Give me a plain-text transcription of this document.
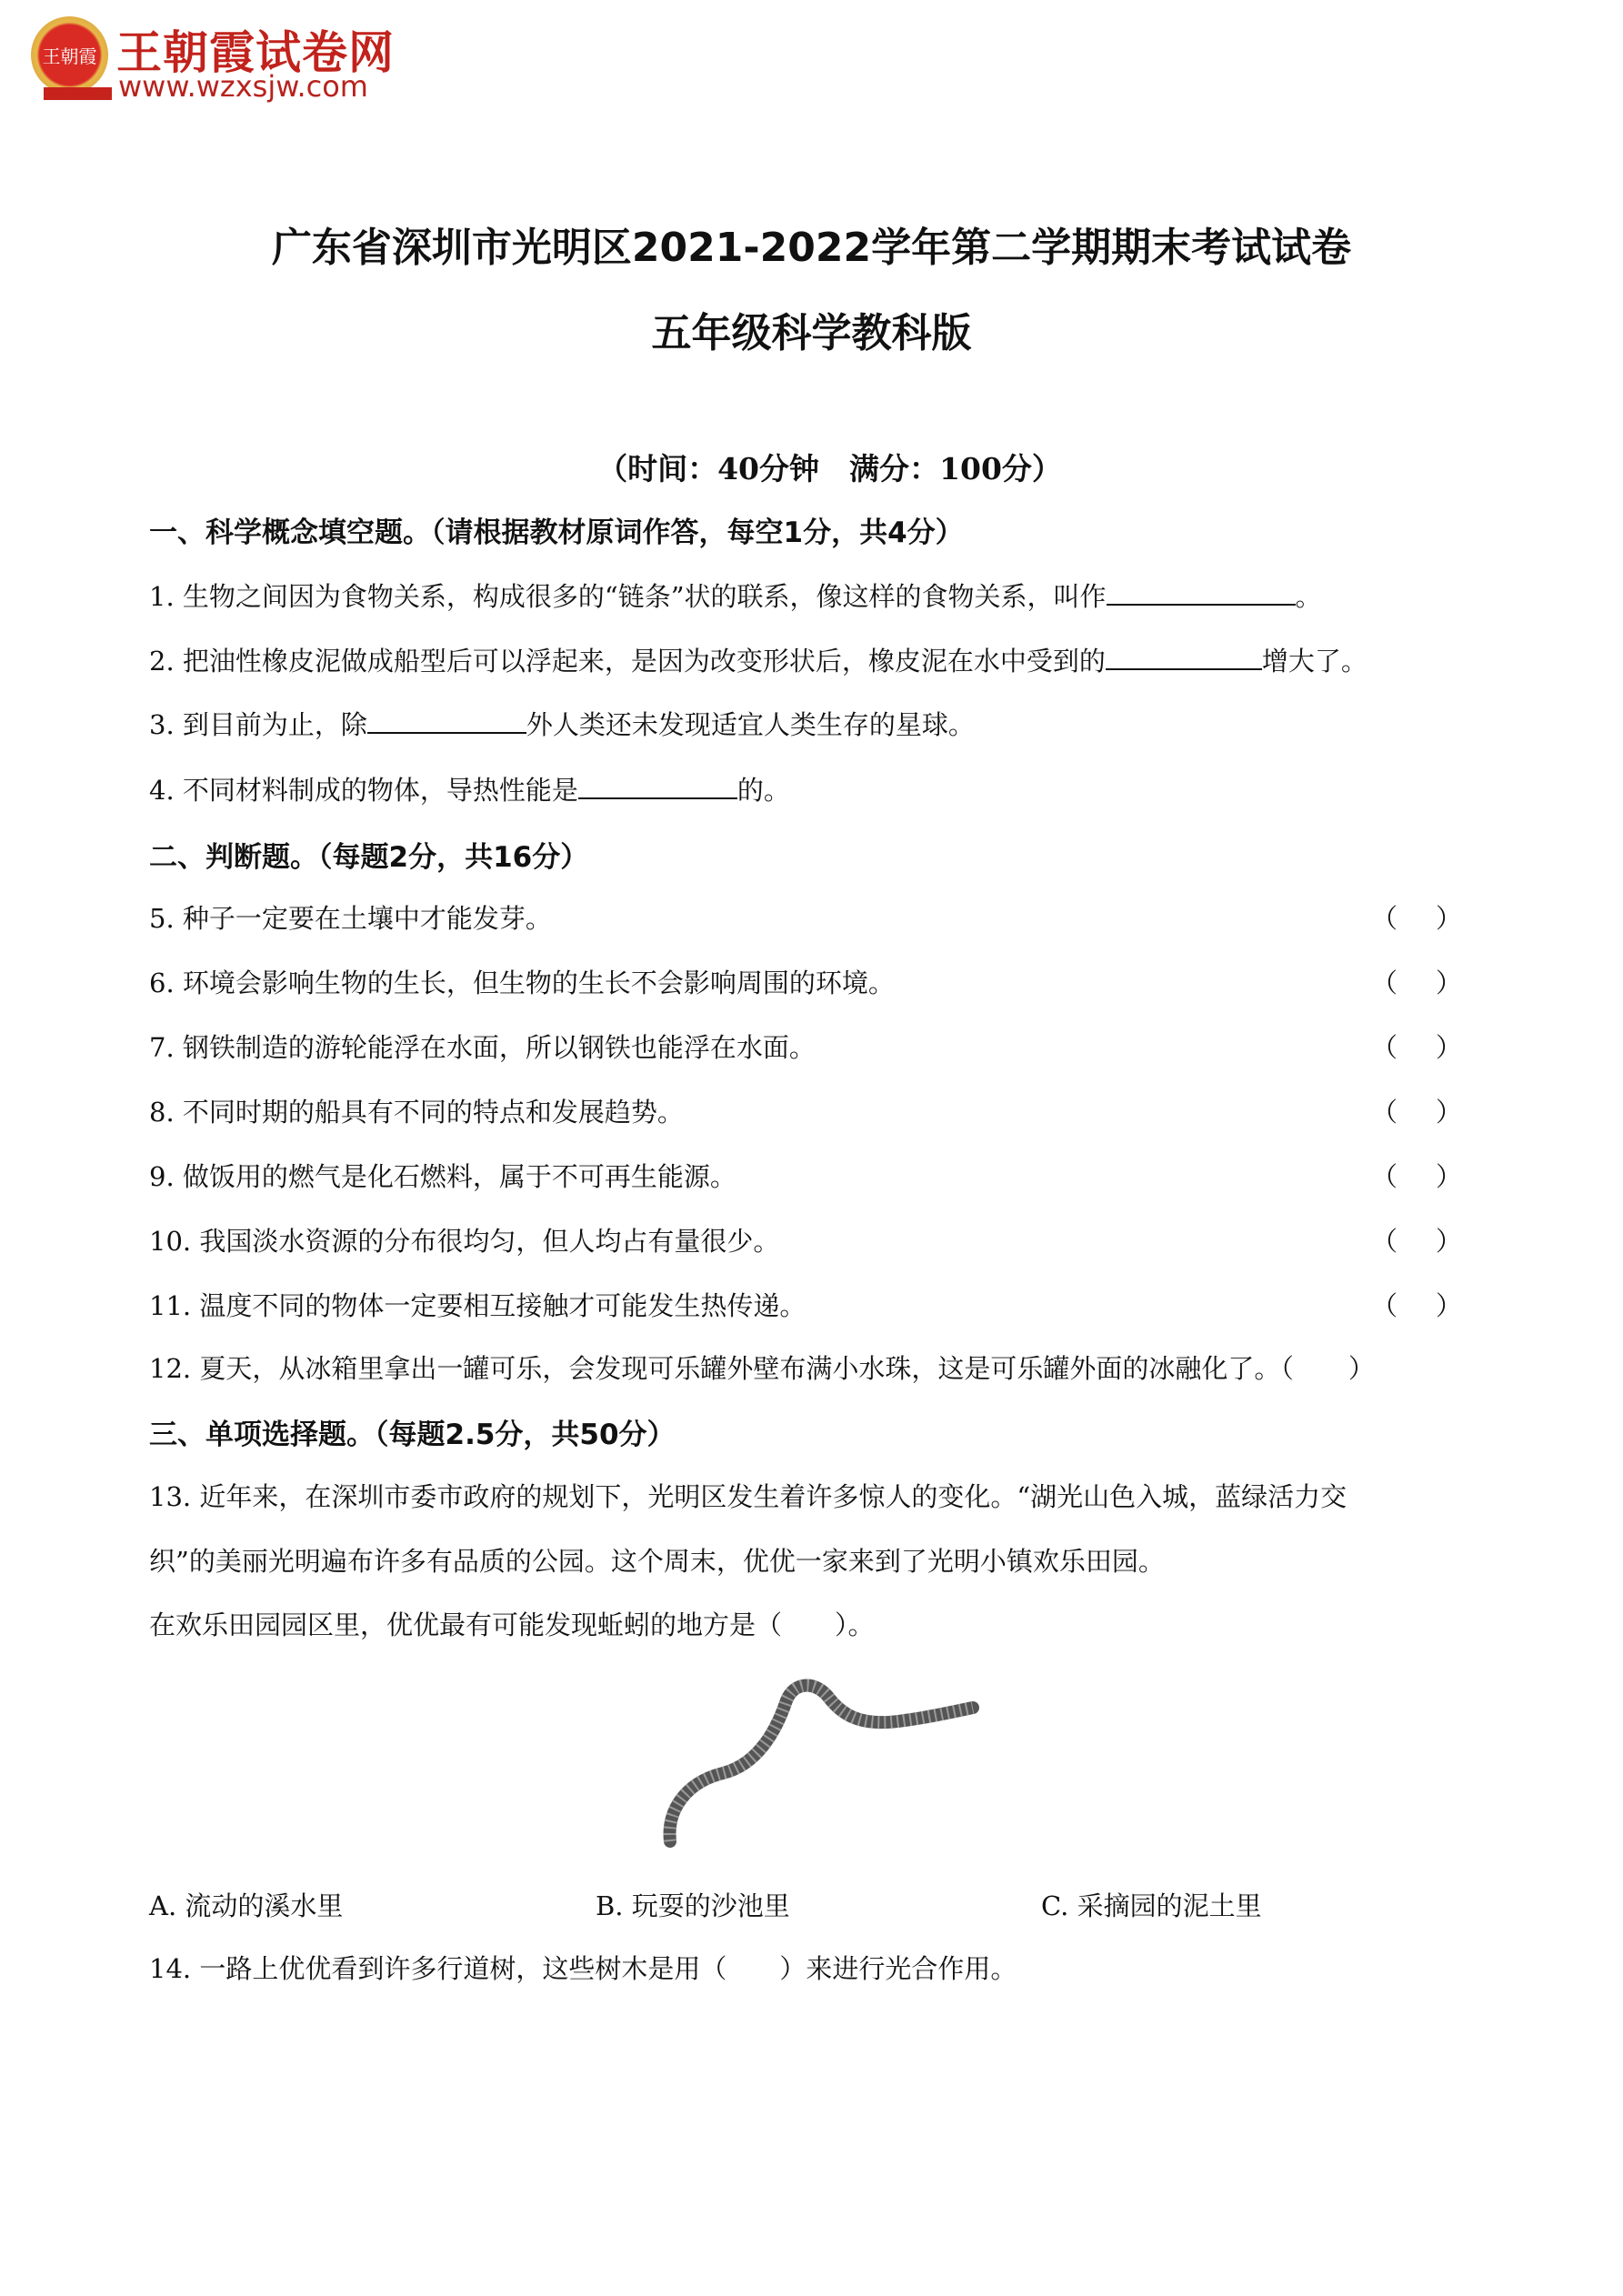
王朝霞 王朝霞试卷网
www.wzxsjw.com
广东省深圳市光明区2021-2022学年第二学期期末考试试卷
五年级科学教科版
（时间：40分钟　满分：100分）
一、科学概念填空题。（请根据教材原词作答，每空1分，共4分）
1. 生物之间因为食物关系，构成很多的“链条”状的联系，像这样的食物关系，叫作	。
2. 把油性橡皮泥做成船型后可以浮起来，是因为改变形状后，橡皮泥在水中受到的	增大了。
3. 到目前为止，除	外人类还未发现适宜人类生存的星球。
4. 不同材料制成的物体，导热性能是	的。
二、判断题。（每题2分，共16分）
5. 种子一定要在土壤中才能发芽。	（ ）
6. 环境会影响生物的生长，但生物的生长不会影响周围的环境。	（ ）
7. 钢铁制造的游轮能浮在水面，所以钢铁也能浮在水面。	（ ）
8. 不同时期的船具有不同的特点和发展趋势。	（ ）
9. 做饭用的燃气是化石燃料，属于不可再生能源。	（ ）
10. 我国淡水资源的分布很均匀，但人均占有量很少。	（ ）
11. 温度不同的物体一定要相互接触才可能发生热传递。	（ ）
12. 夏天，从冰箱里拿出一罐可乐，会发现可乐罐外壁布满小水珠，这是可乐罐外面的冰融化了。（ ）
三、单项选择题。（每题2.5分，共50分）
13. 近年来，在深圳市委市政府的规划下，光明区发生着许多惊人的变化。“湖光山色入城，蓝绿活力交
织”的美丽光明遍布许多有品质的公园。这个周末，优优一家来到了光明小镇欢乐田园。
在欢乐田园园区里，优优最有可能发现蚯蚓的地方是（　　）。
A. 流动的溪水里	B. 玩耍的沙池里	C. 采摘园的泥土里
14. 一路上优优看到许多行道树，这些树木是用（　　）来进行光合作用。
